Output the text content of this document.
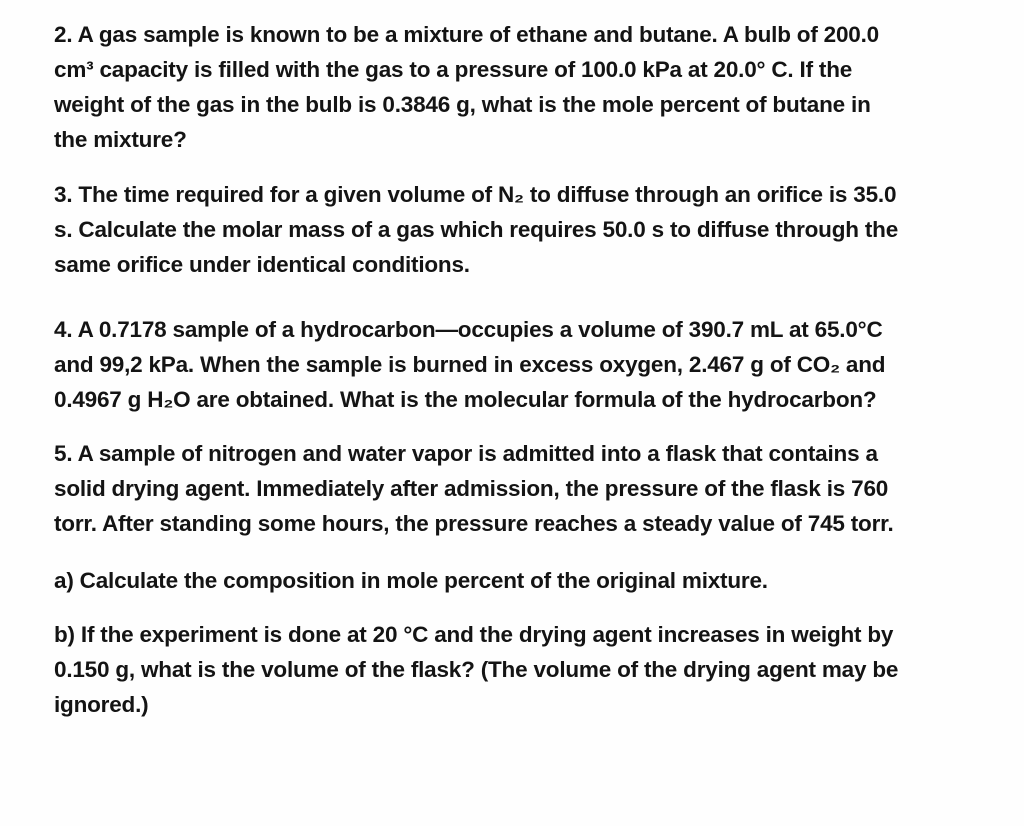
2. A gas sample is known to be a mixture of ethane and butane. A bulb of 200.0
cm³ capacity is filled with the gas to a pressure of 100.0 kPa at 20.0° C. If the
weight of the gas in the bulb is 0.3846 g, what is the mole percent of butane in
the mixture?
3. The time required for a given volume of N₂ to diffuse through an orifice is 35.0
s. Calculate the molar mass of a gas which requires 50.0 s to diffuse through the
same orifice under identical conditions.
4. A 0.7178 sample of a hydrocarbon—occupies a volume of 390.7 mL at 65.0°C
and 99,2 kPa. When the sample is burned in excess oxygen, 2.467 g of CO₂ and
0.4967 g H₂O are obtained. What is the molecular formula of the hydrocarbon?
5. A sample of nitrogen and water vapor is admitted into a flask that contains a
solid drying agent. Immediately after admission, the pressure of the flask is 760
torr. After standing some hours, the pressure reaches a steady value of 745 torr.
a) Calculate the composition in mole percent of the original mixture.
b) If the experiment is done at 20 °C and the drying agent increases in weight by
0.150 g, what is the volume of the flask? (The volume of the drying agent may be
ignored.)
